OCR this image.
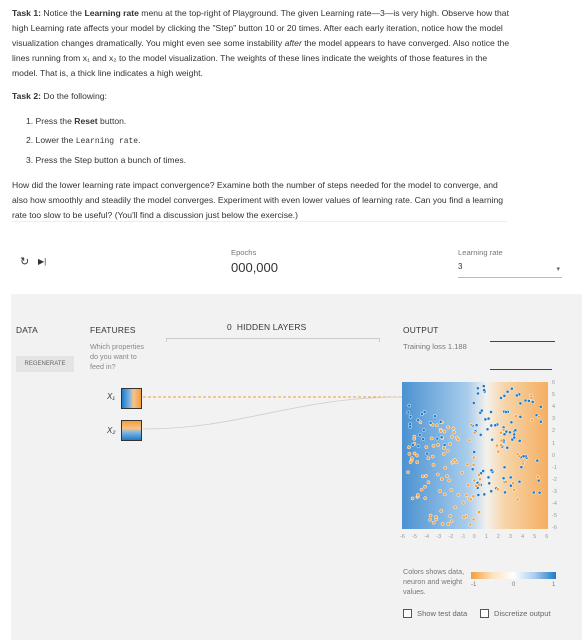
Task 1: Notice the Learning rate menu at the top-right of Playground. The given Learning rate—3—is very high. Observe how that high Learning rate affects your model by clicking the "Step" button 10 or 20 times. After each early iteration, notice how the model visualization changes dramatically. You might even see some instability after the model appears to have converged. Also notice the lines running from x₁ and x₂ to the model visualization. The weights of these lines indicate the weights of those features in the model. That is, a thick line indicates a high weight.

Task 2: Do the following:

1. Press the Reset button.
2. Lower the Learning rate.
3. Press the Step button a bunch of times.

How did the lower learning rate impact convergence? Examine both the number of steps needed for the model to converge, and also how smoothly and steadily the model converges. Experiment with even lower values of learning rate. Can you find a learning rate too slow to be useful? (You'll find a discussion just below the exercise.)

↻ ▶|
Epochs
000,000
Learning rate
3	▾
DATA
REGENERATE
FEATURES
Which properties do you want to feed in?
X₁
X₂
0 HIDDEN LAYERS	OUTPUT
Training loss 1.188
Colors shows data, neuron and weight values.
-1	0	1
Show test data	Discretize output
6
5
4
3
2
1
0
-1
-2
-3
-4
-5
-6
-6 -5 -4 -3 -2 -1 0 1 2 3 4 5 6
